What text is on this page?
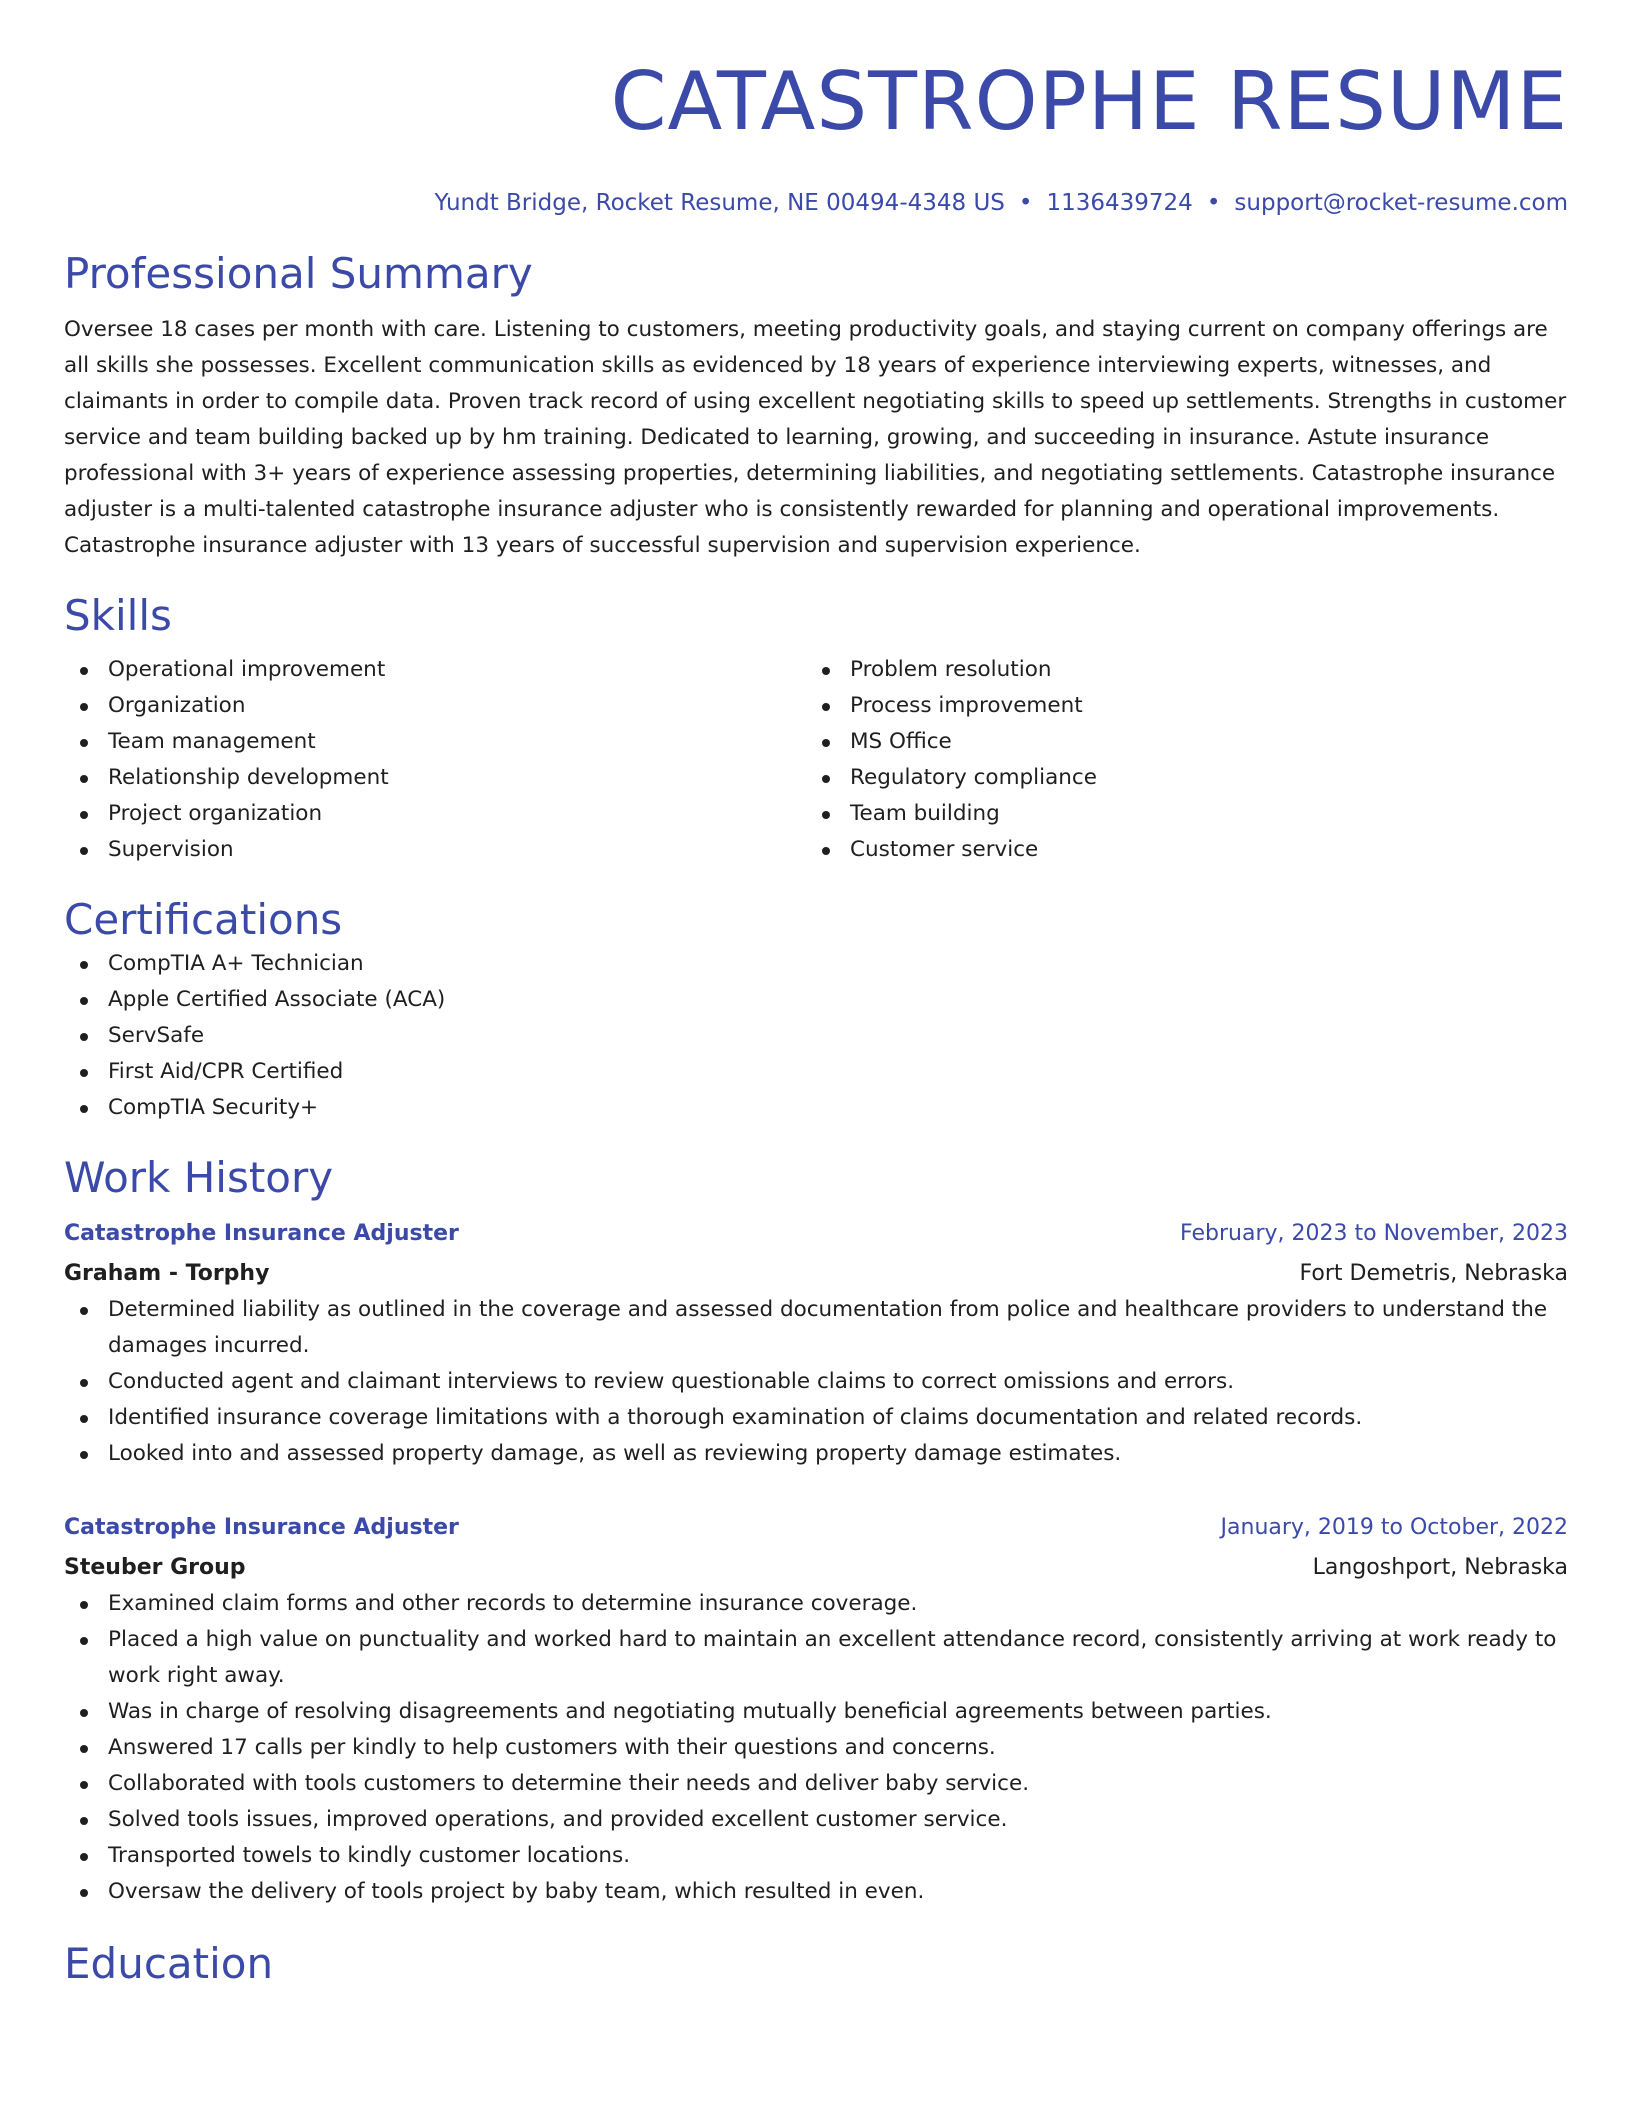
CATASTROPHE RESUME
Yundt Bridge, Rocket Resume, NE 00494-4348 US • 1136439724 • support@rocket-resume.com
Professional Summary

Oversee 18 cases per month with care. Listening to customers, meeting productivity goals, and staying current on company offerings are all skills she possesses. Excellent communication skills as evidenced by 18 years of experience interviewing experts, witnesses, and claimants in order to compile data. Proven track record of using excellent negotiating skills to speed up settlements. Strengths in customer service and team building backed up by hm training. Dedicated to learning, growing, and succeeding in insurance. Astute insurance professional with 3+ years of experience assessing properties, determining liabilities, and negotiating settlements. Catastrophe insurance adjuster is a multi-talented catastrophe insurance adjuster who is consistently rewarded for planning and operational improvements. Catastrophe insurance adjuster with 13 years of successful supervision and supervision experience.

Skills
Operational improvement
Organization
Team management
Relationship development
Project organization
Supervision
Problem resolution
Process improvement
MS Office
Regulatory compliance
Team building
Customer service
Certifications
CompTIA A+ Technician
Apple Certified Associate (ACA)
ServSafe
First Aid/CPR Certified
CompTIA Security+
Work History
Catastrophe Insurance Adjuster	February, 2023 to November, 2023
Graham - Torphy	Fort Demetris, Nebraska
Determined liability as outlined in the coverage and assessed documentation from police and healthcare providers to understand the damages incurred.
Conducted agent and claimant interviews to review questionable claims to correct omissions and errors.
Identified insurance coverage limitations with a thorough examination of claims documentation and related records.
Looked into and assessed property damage, as well as reviewing property damage estimates.
Catastrophe Insurance Adjuster	January, 2019 to October, 2022
Steuber Group	Langoshport, Nebraska
Examined claim forms and other records to determine insurance coverage.
Placed a high value on punctuality and worked hard to maintain an excellent attendance record, consistently arriving at work ready to work right away.
Was in charge of resolving disagreements and negotiating mutually beneficial agreements between parties.
Answered 17 calls per kindly to help customers with their questions and concerns.
Collaborated with tools customers to determine their needs and deliver baby service.
Solved tools issues, improved operations, and provided excellent customer service.
Transported towels to kindly customer locations.
Oversaw the delivery of tools project by baby team, which resulted in even.
Education
